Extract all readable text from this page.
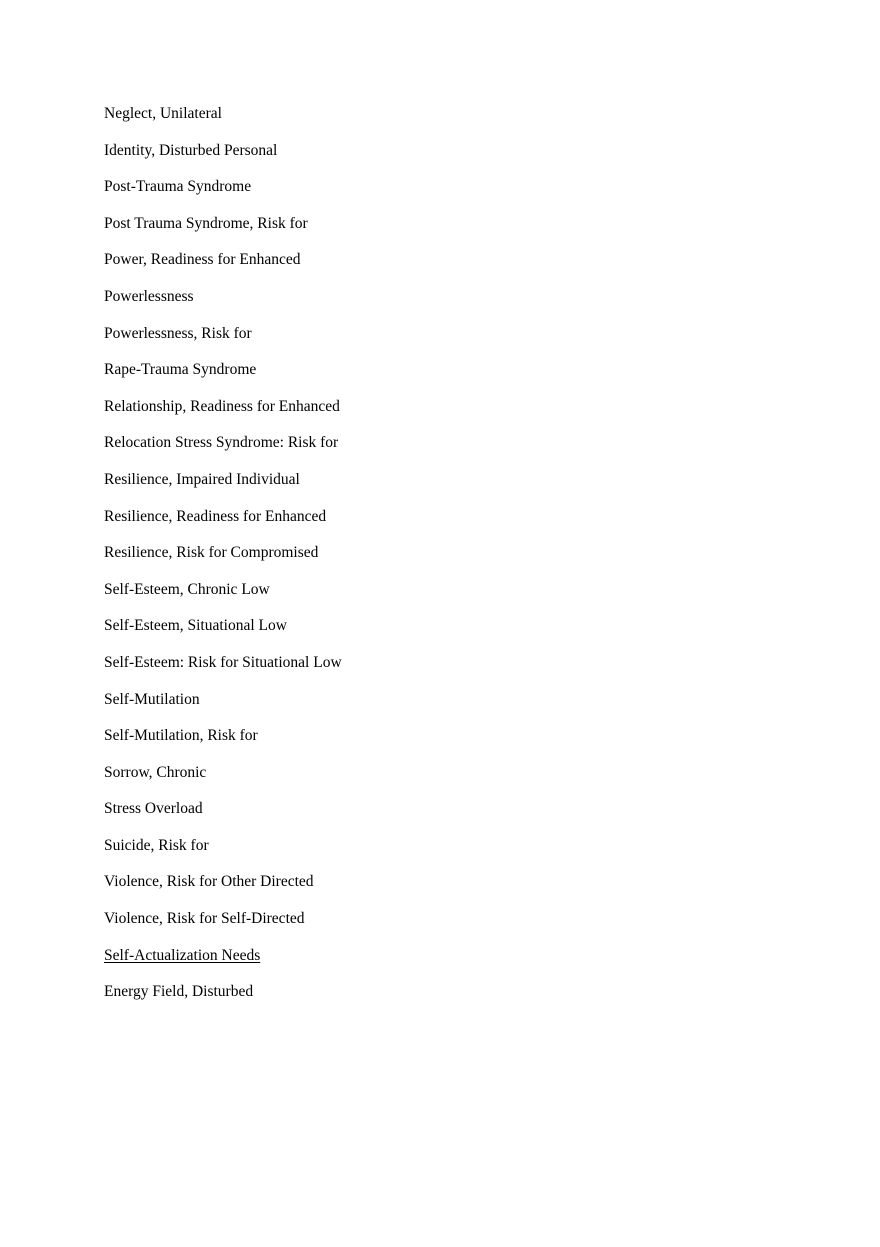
Neglect, Unilateral
Identity, Disturbed Personal
Post-Trauma Syndrome
Post Trauma Syndrome, Risk for
Power, Readiness for Enhanced
Powerlessness
Powerlessness, Risk for
Rape-Trauma Syndrome
Relationship, Readiness for Enhanced
Relocation Stress Syndrome: Risk for
Resilience, Impaired Individual
Resilience, Readiness for Enhanced
Resilience, Risk for Compromised
Self-Esteem, Chronic Low
Self-Esteem, Situational Low
Self-Esteem: Risk for Situational Low
Self-Mutilation
Self-Mutilation, Risk for
Sorrow, Chronic
Stress Overload
Suicide, Risk for
Violence, Risk for Other Directed
Violence, Risk for Self-Directed
Self-Actualization Needs
Energy Field, Disturbed
